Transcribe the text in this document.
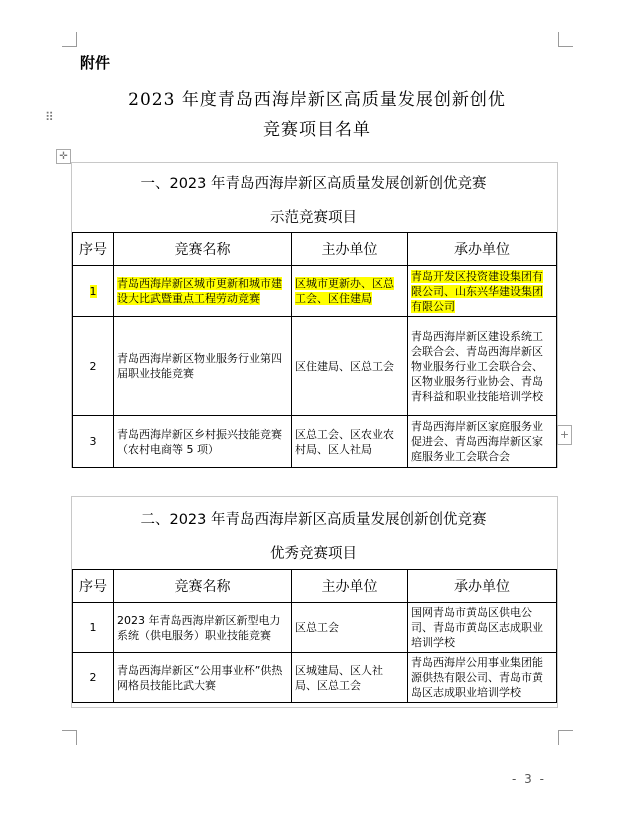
附件
2023 年度青岛西海岸新区高质量发展创新创优
竞赛项目名单
⠿
✛
一、2023 年青岛西海岸新区高质量发展创新创优竞赛
示范竞赛项目
序号	竞赛名称	主办单位	承办单位
1	青岛西海岸新区城市更新和城市建设大比武暨重点工程劳动竞赛	区城市更新办、区总工会、区住建局	青岛开发区投资建设集团有限公司、山东兴华建设集团有限公司
2	青岛西海岸新区物业服务行业第四届职业技能竞赛	区住建局、区总工会	青岛西海岸新区建设系统工会联合会、青岛西海岸新区物业服务行业工会联合会、区物业服务行业协会、青岛青科益和职业技能培训学校
3	青岛西海岸新区乡村振兴技能竞赛（农村电商等 5 项）	区总工会、区农业农村局、区人社局	青岛西海岸新区家庭服务业促进会、青岛西海岸新区家庭服务业工会联合会
+
二、2023 年青岛西海岸新区高质量发展创新创优竞赛
优秀竞赛项目
序号	竞赛名称	主办单位	承办单位
1	2023 年青岛西海岸新区新型电力系统（供电服务）职业技能竞赛	区总工会	国网青岛市黄岛区供电公司、青岛市黄岛区志成职业培训学校
2	青岛西海岸新区“公用事业杯”供热网格员技能比武大赛	区城建局、区人社局、区总工会	青岛西海岸公用事业集团能源供热有限公司、青岛市黄岛区志成职业培训学校
- 3 -
